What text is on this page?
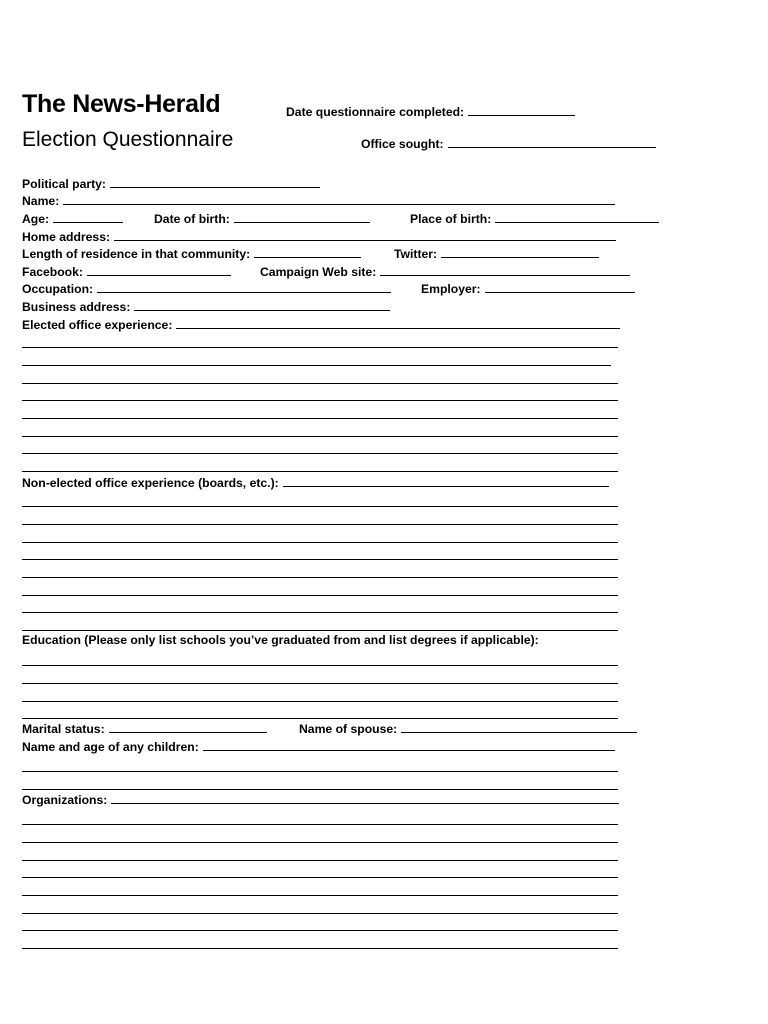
The News-Herald
Election Questionnaire
Date questionnaire completed:
Office sought:
Political party:
Name:
Age:	Date of birth:	Place of birth:
Home address:
Length of residence in that community:	Twitter:
Facebook:	Campaign Web site:
Occupation:	Employer:
Business address:
Elected office experience:
Non-elected office experience (boards, etc.):
Education (Please only list schools you’ve graduated from and list degrees if applicable):
Marital status:	Name of spouse:
Name and age of any children:
Organizations:
